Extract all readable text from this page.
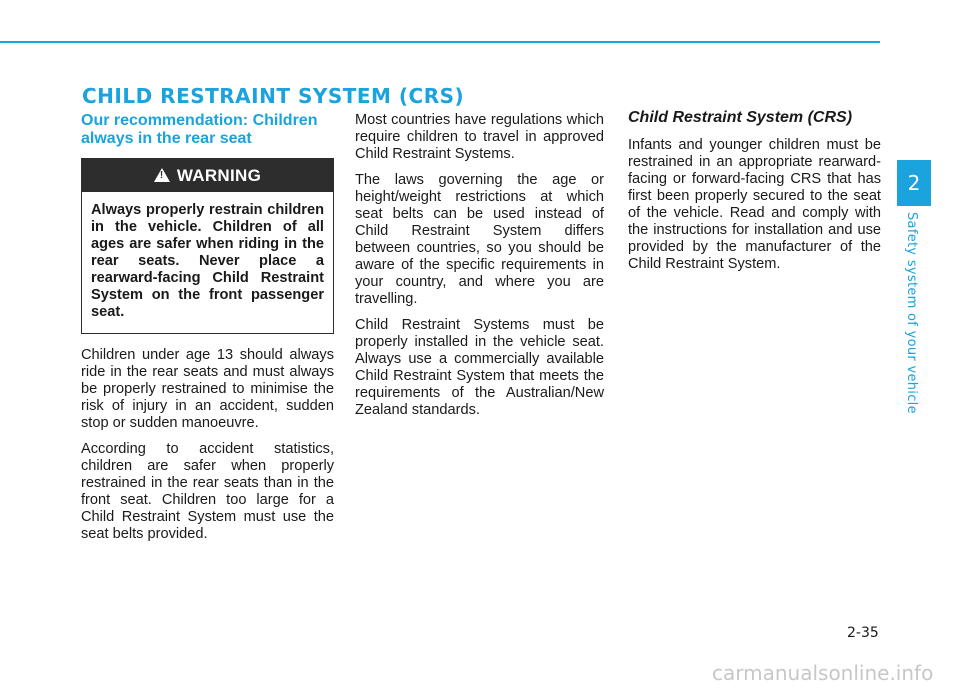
CHILD RESTRAINT SYSTEM (CRS)
Our recommendation: Children always in the rear seat
!
WARNING
Always properly restrain children in the vehicle. Children of all ages are safer when riding in the rear seats. Never place a rearward-facing Child Restraint System on the front passenger seat.

Children under age 13 should always ride in the rear seats and must always be properly restrained to minimise the risk of injury in an accident, sudden stop or sudden manoeuvre.

According to accident statistics, children are safer when properly restrained in the rear seats than in the front seat. Children too large for a Child Restraint System must use the seat belts provided.

Most countries have regulations which require children to travel in approved Child Restraint Systems.

The laws governing the age or height/weight restrictions at which seat belts can be used instead of Child Restraint System differs between countries, so you should be aware of the specific requirements in your country, and where you are travelling.

Child Restraint Systems must be properly installed in the vehicle seat. Always use a commercially available Child Restraint System that meets the requirements of the Australian/New Zealand standards.

Child Restraint System (CRS)

Infants and younger children must be restrained in an appropriate rearward-facing or forward-facing CRS that has first been properly secured to the seat of the vehicle. Read and comply with the instructions for installation and use provided by the manufacturer of the Child Restraint System.

2
Safety system of your vehicle
2-35
carmanualsonline.info
